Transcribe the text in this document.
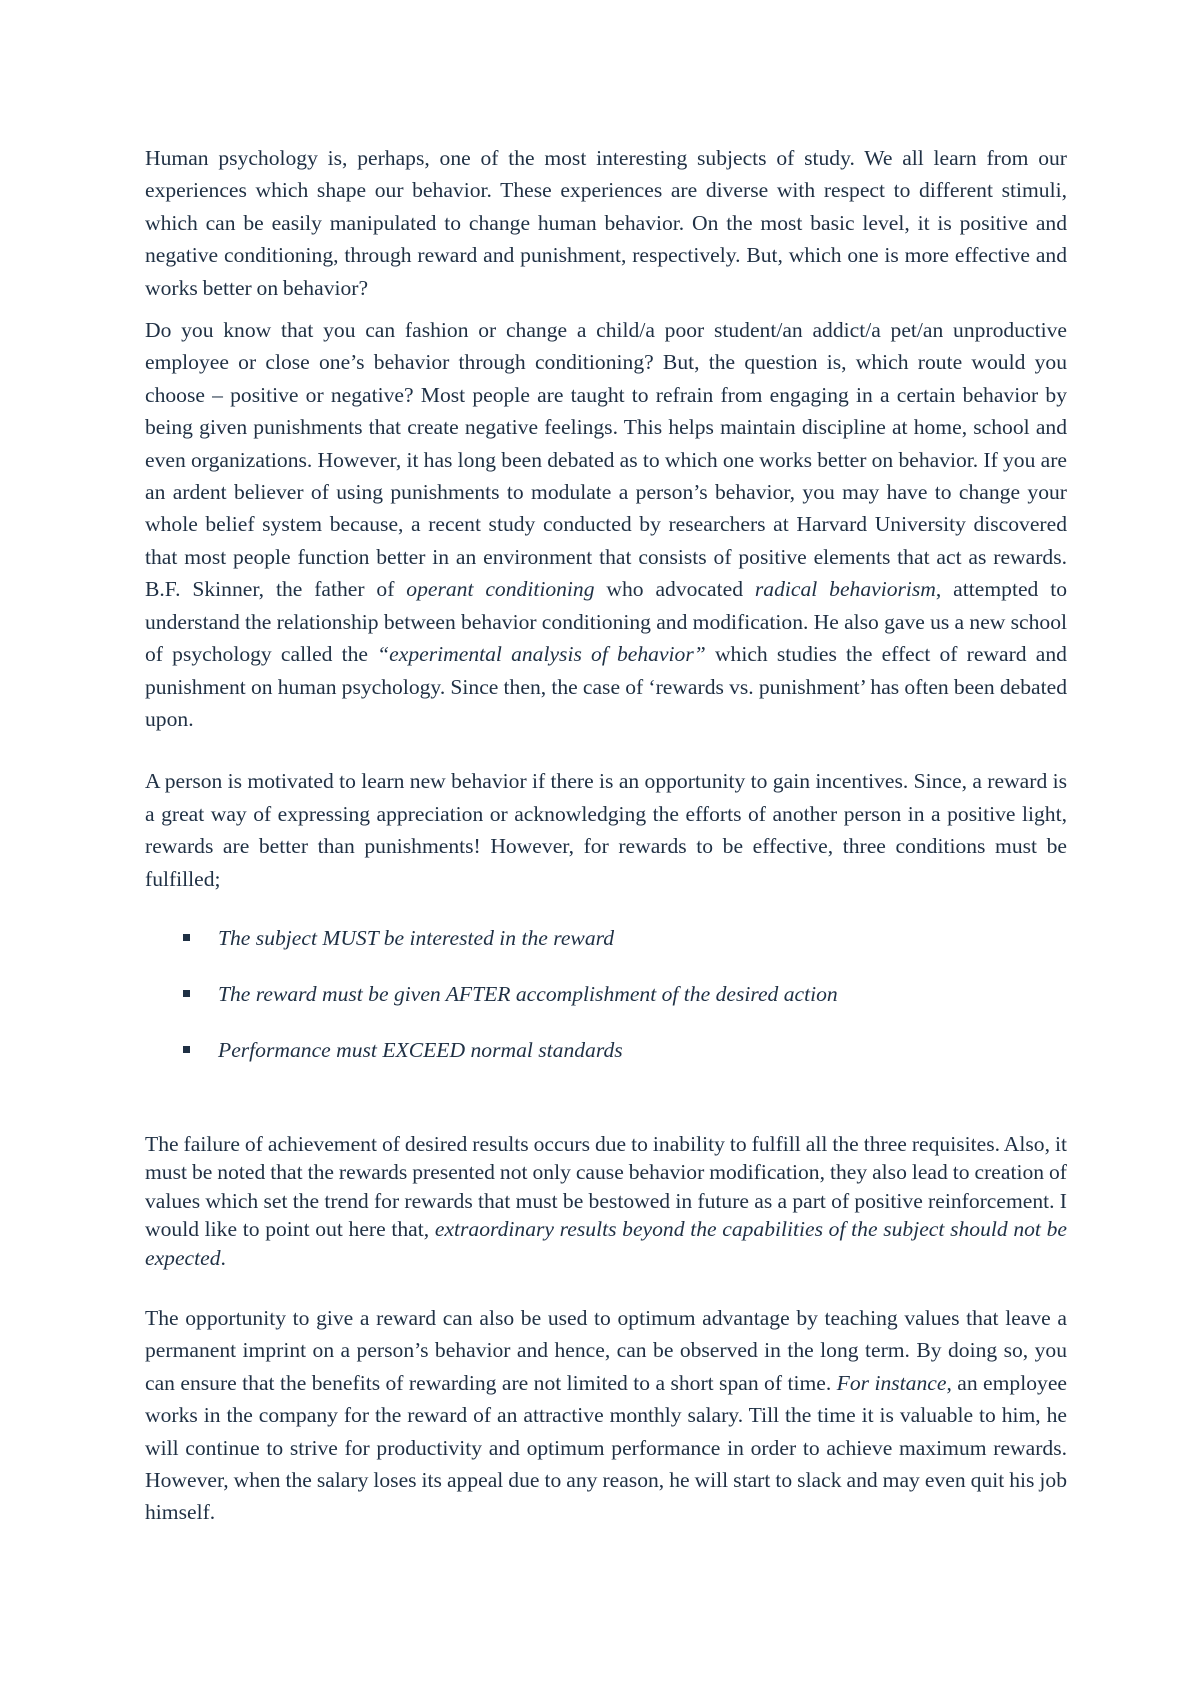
Human psychology is, perhaps, one of the most interesting subjects of study. We all learn from our experiences which shape our behavior. These experiences are diverse with respect to different stimuli, which can be easily manipulated to change human behavior. On the most basic level, it is positive and negative conditioning, through reward and punishment, respectively. But, which one is more effective and works better on behavior?

Do you know that you can fashion or change a child/a poor student/an addict/a pet/an unproductive employee or close one’s behavior through conditioning? But, the question is, which route would you choose – positive or negative? Most people are taught to refrain from engaging in a certain behavior by being given punishments that create negative feelings. This helps maintain discipline at home, school and even organizations. However, it has long been debated as to which one works better on behavior. If you are an ardent believer of using punishments to modulate a person’s behavior, you may have to change your whole belief system because, a recent study conducted by researchers at Harvard University discovered that most people function better in an environment that consists of positive elements that act as rewards. B.F. Skinner, the father of operant conditioning who advocated radical behaviorism, attempted to understand the relationship between behavior conditioning and modification. He also gave us a new school of psychology called the “experimental analysis of behavior” which studies the effect of reward and punishment on human psychology. Since then, the case of ‘rewards vs. punishment’ has often been debated upon.

A person is motivated to learn new behavior if there is an opportunity to gain incentives. Since, a reward is a great way of expressing appreciation or acknowledging the efforts of another person in a positive light, rewards are better than punishments! However, for rewards to be effective, three conditions must be fulfilled;

The subject MUST be interested in the reward
The reward must be given AFTER accomplishment of the desired action
Performance must EXCEED normal standards

The failure of achievement of desired results occurs due to inability to fulfill all the three requisites. Also, it must be noted that the rewards presented not only cause behavior modification, they also lead to creation of values which set the trend for rewards that must be bestowed in future as a part of positive reinforcement. I would like to point out here that, extraordinary results beyond the capabilities of the subject should not be expected.

The opportunity to give a reward can also be used to optimum advantage by teaching values that leave a permanent imprint on a person’s behavior and hence, can be observed in the long term. By doing so, you can ensure that the benefits of rewarding are not limited to a short span of time. For instance, an employee works in the company for the reward of an attractive monthly salary. Till the time it is valuable to him, he will continue to strive for productivity and optimum performance in order to achieve maximum rewards. However, when the salary loses its appeal due to any reason, he will start to slack and may even quit his job himself.
